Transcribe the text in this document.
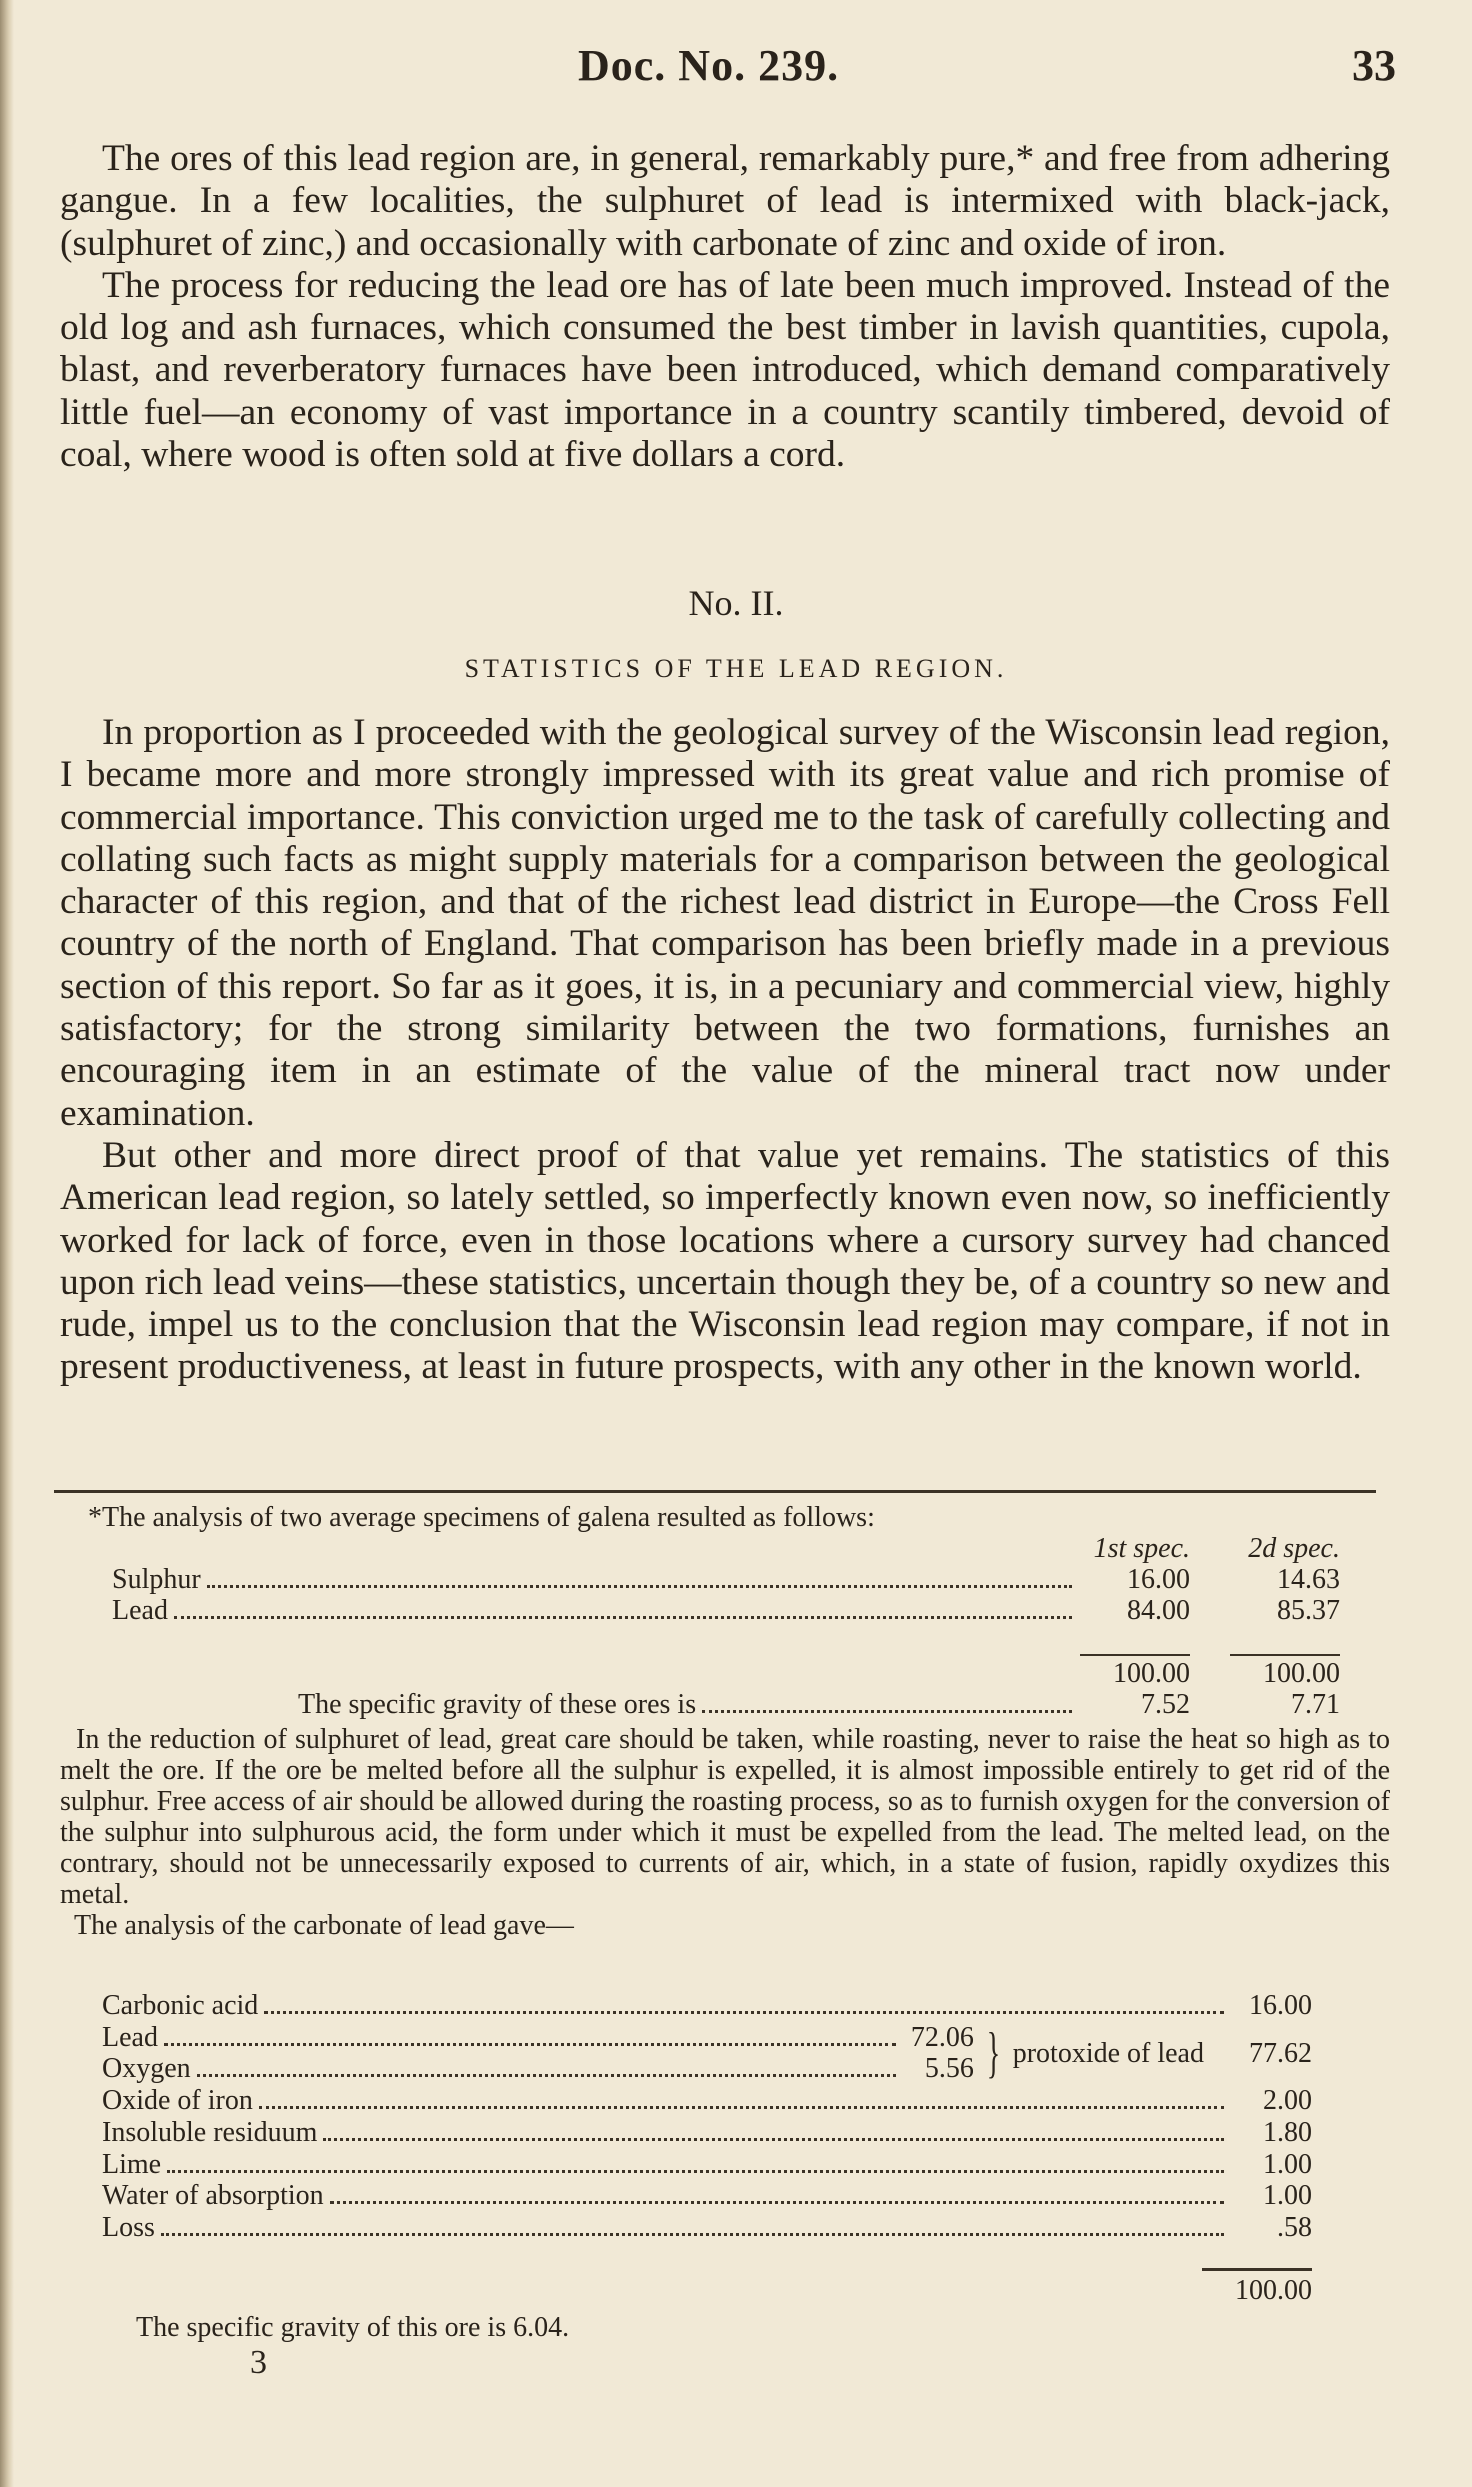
Doc. No. 239.	33

The ores of this lead region are, in general, remarkably pure,* and free from adhering gangue. In a few localities, the sulphuret of lead is intermixed with black-jack, (sulphuret of zinc,) and occasionally with carbonate of zinc and oxide of iron.

The process for reducing the lead ore has of late been much improved. Instead of the old log and ash furnaces, which consumed the best timber in lavish quantities, cupola, blast, and reverberatory furnaces have been introduced, which demand comparatively little fuel—an economy of vast importance in a country scantily timbered, devoid of coal, where wood is often sold at five dollars a cord.

No. II.
STATISTICS OF THE LEAD REGION.

In proportion as I proceeded with the geological survey of the Wisconsin lead region, I became more and more strongly impressed with its great value and rich promise of commercial importance. This conviction urged me to the task of carefully collecting and collating such facts as might supply materials for a comparison between the geological character of this region, and that of the richest lead district in Europe—the Cross Fell country of the north of England. That comparison has been briefly made in a previous section of this report. So far as it goes, it is, in a pecuniary and commercial view, highly satisfactory; for the strong similarity between the two formations, furnishes an encouraging item in an estimate of the value of the mineral tract now under examination.

But other and more direct proof of that value yet remains. The statistics of this American lead region, so lately settled, so imperfectly known even now, so inefficiently worked for lack of force, even in those locations where a cursory survey had chanced upon rich lead veins—these statistics, uncertain though they be, of a country so new and rude, impel us to the conclusion that the Wisconsin lead region may compare, if not in present productiveness, at least in future prospects, with any other in the known world.

*The analysis of two average specimens of galena resulted as follows:
1st spec.	2d spec.
Sulphur	16.00	14.63
Lead	84.00	85.37
100.00	100.00
The specific gravity of these ores is	7.52	7.71
In the reduction of sulphuret of lead, great care should be taken, while roasting, never to raise the heat so high as to melt the ore. If the ore be melted before all the sulphur is expelled, it is almost impossible entirely to get rid of the sulphur. Free access of air should be allowed during the roasting process, so as to furnish oxygen for the conversion of the sulphur into sulphurous acid, the form under which it must be expelled from the lead. The melted lead, on the contrary, should not be unnecessarily exposed to currents of air, which, in a state of fusion, rapidly oxydizes this metal.
The analysis of the carbonate of lead gave—
Carbonic acid	16.00
Lead	72.06
Oxygen	5.56 } protoxide of lead	77.62
Oxide of iron	2.00
Insoluble residuum	1.80
Lime	1.00
Water of absorption	1.00
Loss	.58
100.00
The specific gravity of this ore is 6.04.
3
